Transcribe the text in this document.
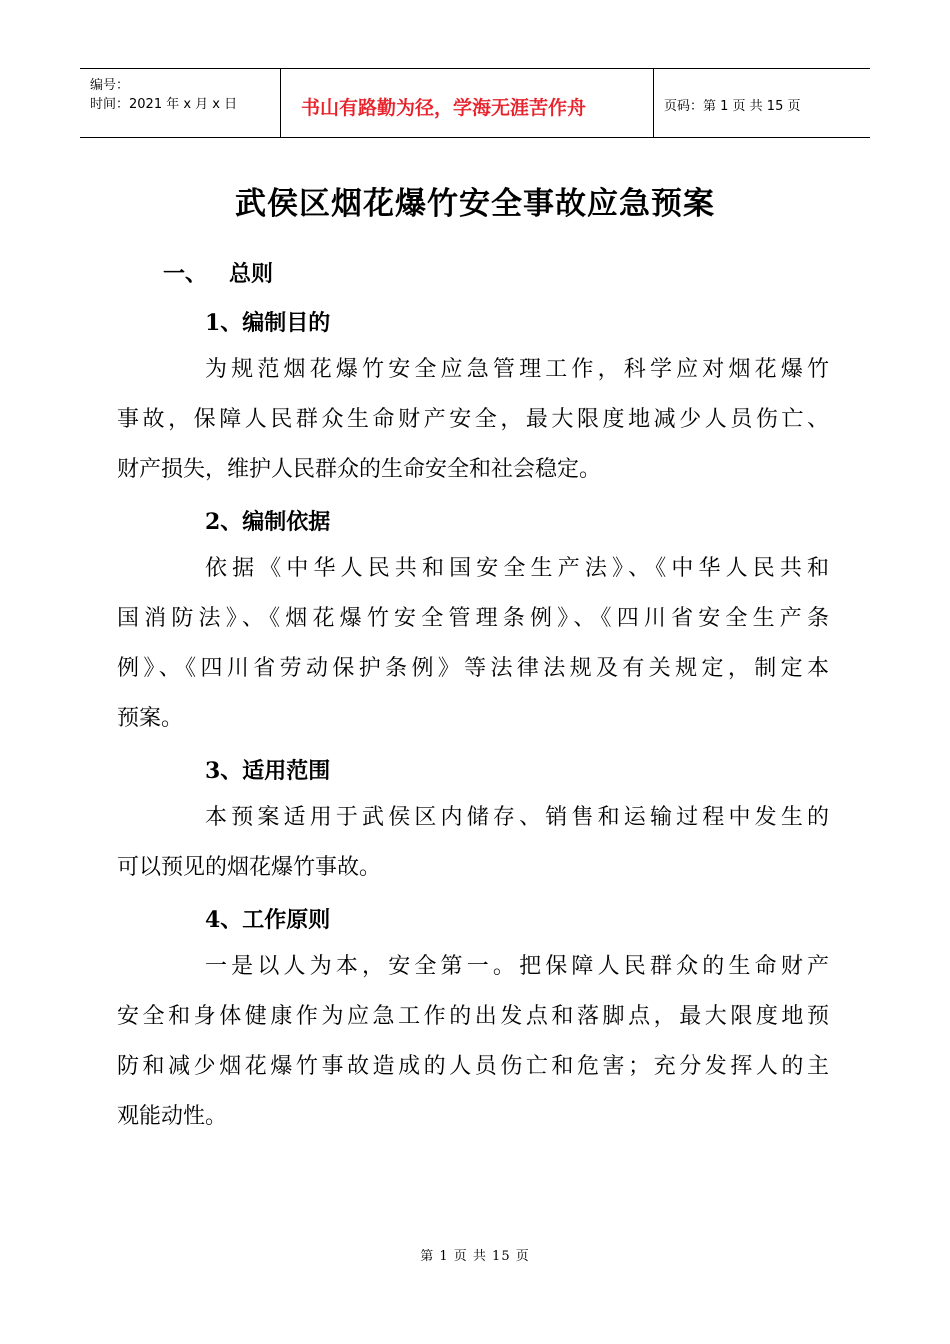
编号：
时间：2021 年 x 月 x 日	书山有路勤为径，学海无涯苦作舟	页码：第 1 页 共 15 页
武侯区烟花爆竹安全事故应急预案
一、 总则
1、编制目的
为规范烟花爆竹安全应急管理工作，科学应对烟花爆竹
事故，保障人民群众生命财产安全，最大限度地减少人员伤亡、
财产损失，维护人民群众的生命安全和社会稳定。
2、编制依据
依据《中华人民共和国安全生产法》、《中华人民共和
国消防法》、《烟花爆竹安全管理条例》、《四川省安全生产条
例》、《四川省劳动保护条例》等法律法规及有关规定，制定本
预案。
3、适用范围
本预案适用于武侯区内储存、销售和运输过程中发生的
可以预见的烟花爆竹事故。
4、工作原则
一是以人为本，安全第一。把保障人民群众的生命财产
安全和身体健康作为应急工作的出发点和落脚点，最大限度地预
防和减少烟花爆竹事故造成的人员伤亡和危害；充分发挥人的主
观能动性。
第 1 页 共 15 页
